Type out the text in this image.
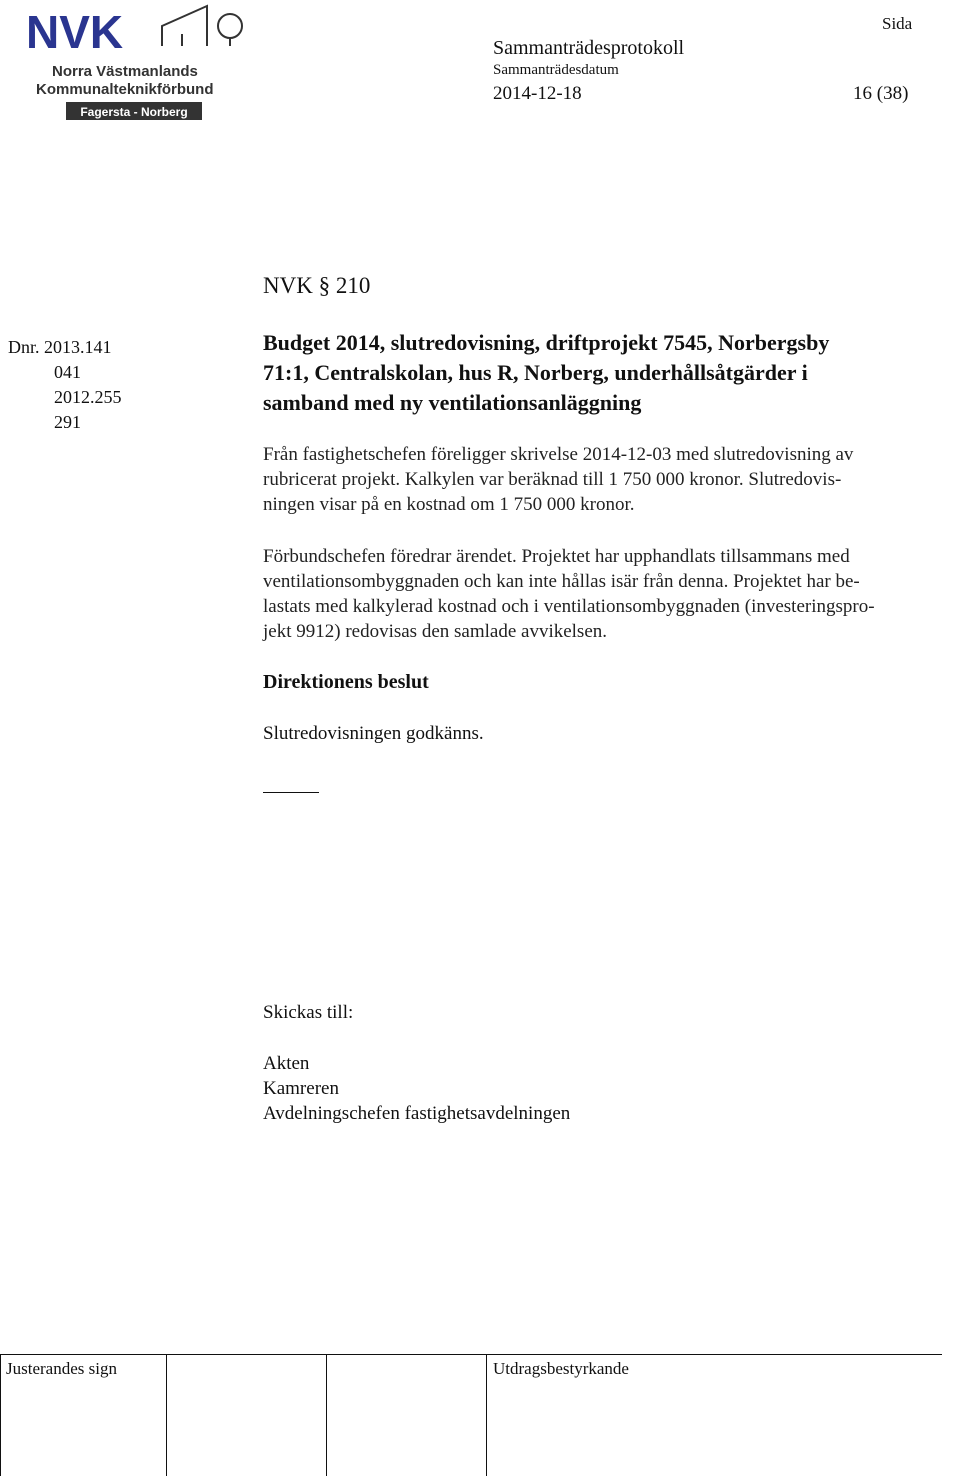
NVK
Norra Västmanlands
Kommunalteknikförbund
Fagersta - Norberg
Sida
Sammanträdesprotokoll
Sammanträdesdatum
2014-12-18	16 (38)
NVK § 210
Dnr. 2013.141
041
2012.255
291
Budget 2014, slutredovisning, driftprojekt 7545, Norbergsby
71:1, Centralskolan, hus R, Norberg, underhållsåtgärder i
samband med ny ventilationsanläggning
Från fastighetschefen föreligger skrivelse 2014-12-03 med slutredovisning av
rubricerat projekt. Kalkylen var beräknad till 1 750 000 kronor. Slutredovis-
ningen visar på en kostnad om 1 750 000 kronor.
Förbundschefen föredrar ärendet. Projektet har upphandlats tillsammans med
ventilationsombyggnaden och kan inte hållas isär från denna. Projektet har be-
lastats med kalkylerad kostnad och i ventilationsombyggnaden (investeringspro-
jekt 9912) redovisas den samlade avvikelsen.
Direktionens beslut
Slutredovisningen godkänns.
Skickas till:
Akten
Kamreren
Avdelningschefen fastighetsavdelningen
Justerandes sign	Utdragsbestyrkande
